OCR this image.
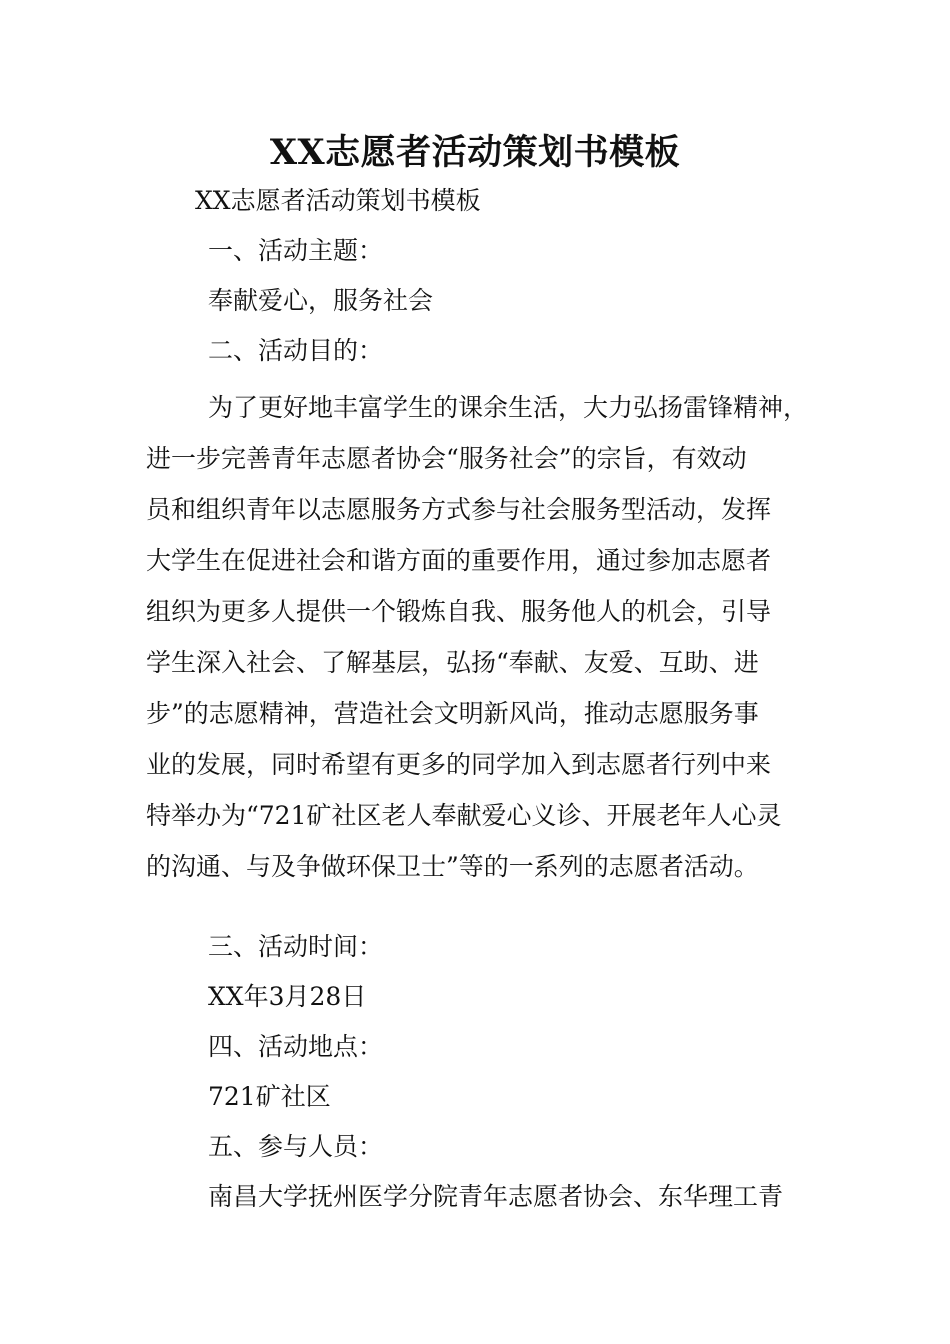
XX志愿者活动策划书模板

XX志愿者活动策划书模板

一、活动主题：

奉献爱心，服务社会

二、活动目的：

为了更好地丰富学生的课余生活，大力弘扬雷锋精神，
进一步完善青年志愿者协会“服务社会”的宗旨，有效动
员和组织青年以志愿服务方式参与社会服务型活动，发挥
大学生在促进社会和谐方面的重要作用，通过参加志愿者
组织为更多人提供一个锻炼自我、服务他人的机会，引导
学生深入社会、了解基层，弘扬“奉献、友爱、互助、进
步”的志愿精神，营造社会文明新风尚，推动志愿服务事
业的发展，同时希望有更多的同学加入到志愿者行列中来
特举办为“721矿社区老人奉献爱心义诊、开展老年人心灵
的沟通、与及争做环保卫士”等的一系列的志愿者活动。

三、活动时间：

XX年3月28日

四、活动地点：

721矿社区

五、参与人员：

南昌大学抚州医学分院青年志愿者协会、东华理工青
